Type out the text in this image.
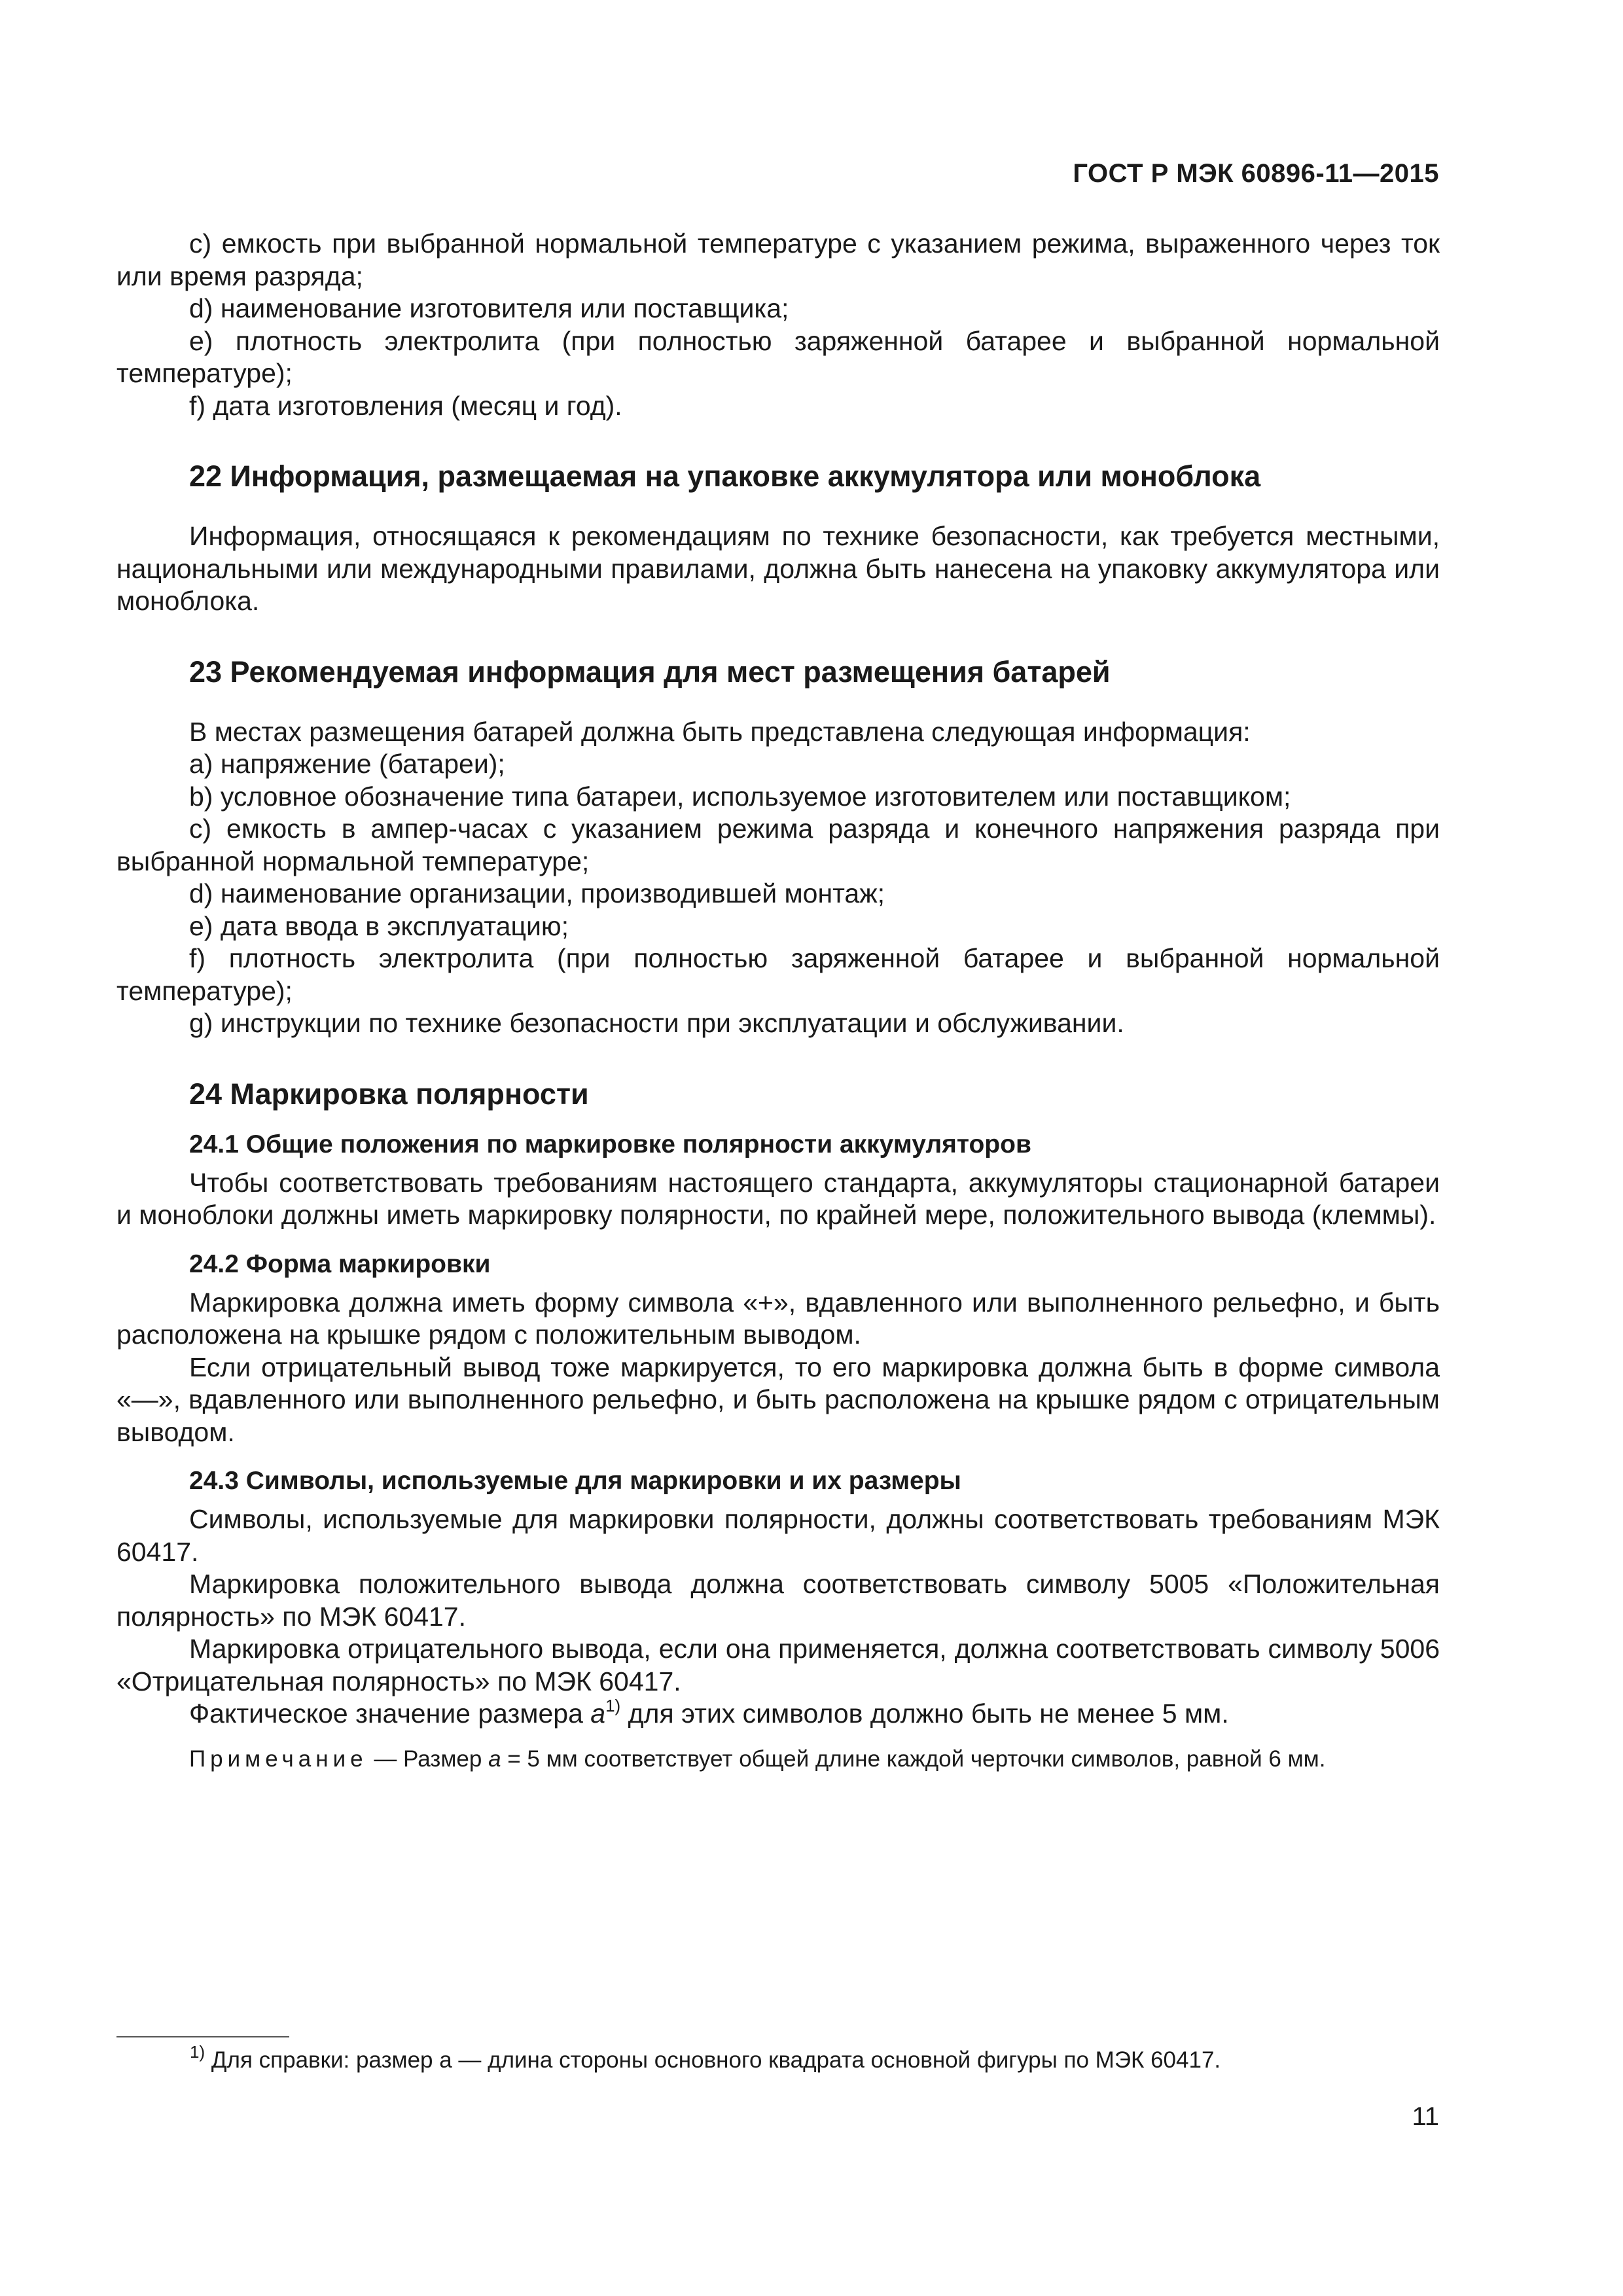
ГОСТ Р МЭК 60896-11—2015

c) емкость при выбранной нормальной температуре с указанием режима, выраженного через ток или время разряда;

d) наименование изготовителя или поставщика;

e) плотность электролита (при полностью заряженной батарее и выбранной нормальной температуре);

f) дата изготовления (месяц и год).

22 Информация, размещаемая на упаковке аккумулятора или моноблока

Информация, относящаяся к рекомендациям по технике безопасности, как требуется местными, национальными или международными правилами, должна быть нанесена на упаковку аккумулятора или моноблока.

23 Рекомендуемая информация для мест размещения батарей

В местах размещения батарей должна быть представлена следующая информация:

a) напряжение (батареи);

b) условное обозначение типа батареи, используемое изготовителем или поставщиком;

c) емкость в ампер-часах с указанием режима разряда и конечного напряжения разряда при выбранной нормальной температуре;

d) наименование организации, производившей монтаж;

e) дата ввода в эксплуатацию;

f) плотность электролита (при полностью заряженной батарее и выбранной нормальной температуре);

g) инструкции по технике безопасности при эксплуатации и обслуживании.

24 Маркировка полярности
24.1 Общие положения по маркировке полярности аккумуляторов

Чтобы соответствовать требованиям настоящего стандарта, аккумуляторы стационарной батареи и моноблоки должны иметь маркировку полярности, по крайней мере, положительного вывода (клеммы).

24.2 Форма маркировки

Маркировка должна иметь форму символа «+», вдавленного или выполненного рельефно, и быть расположена на крышке рядом с положительным выводом.

Если отрицательный вывод тоже маркируется, то его маркировка должна быть в форме символа «—», вдавленного или выполненного рельефно, и быть расположена на крышке рядом с отрицательным выводом.

24.3 Символы, используемые для маркировки и их размеры

Символы, используемые для маркировки полярности, должны соответствовать требованиям МЭК 60417.

Маркировка положительного вывода должна соответствовать символу 5005 «Положительная полярность» по МЭК 60417.

Маркировка отрицательного вывода, если она применяется, должна соответствовать символу 5006 «Отрицательная полярность» по МЭК 60417.

Фактическое значение размера $a^{1)}$ для этих символов должно быть не менее 5 мм.

Примечание — Размер a = 5 мм соответствует общей длине каждой черточки символов, равной 6 мм.

$^{1)}$ Для справки: размер а — длина стороны основного квадрата основной фигуры по МЭК 60417.
11
